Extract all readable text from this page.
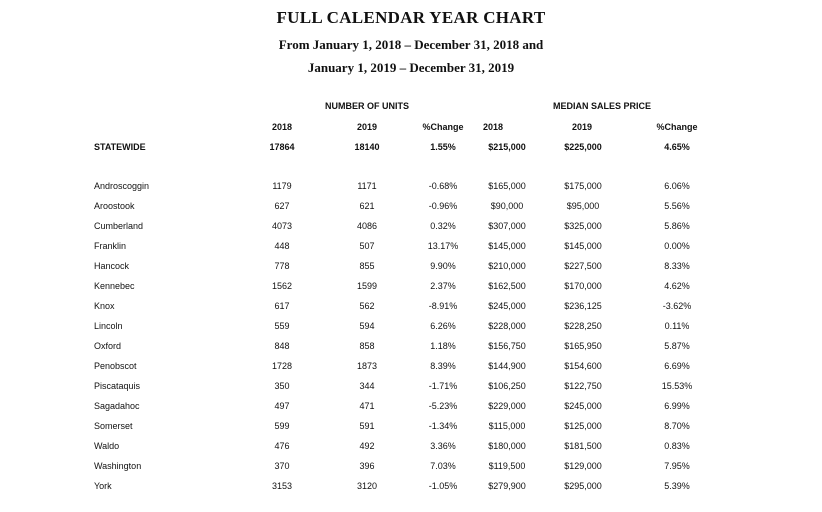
FULL CALENDAR YEAR CHART
From January 1, 2018 – December 31, 2018 and
January 1, 2019 – December 31, 2019
NUMBER OF UNITS	MEDIAN SALES PRICE
2018	2019	%Change 2018	2019	%Change
STATEWIDE	17864	18140	1.55%	$215,000	$225,000	4.65%
Androscoggin	1179	1171	-0.68%	$165,000	$175,000	6.06%
Aroostook	627	621	-0.96%	$90,000	$95,000	5.56%
Cumberland	4073	4086	0.32%	$307,000	$325,000	5.86%
Franklin	448	507	13.17%	$145,000	$145,000	0.00%
Hancock	778	855	9.90%	$210,000	$227,500	8.33%
Kennebec	1562	1599	2.37%	$162,500	$170,000	4.62%
Knox	617	562	-8.91%	$245,000	$236,125	-3.62%
Lincoln	559	594	6.26%	$228,000	$228,250	0.11%
Oxford	848	858	1.18%	$156,750	$165,950	5.87%
Penobscot	1728	1873	8.39%	$144,900	$154,600	6.69%
Piscataquis	350	344	-1.71%	$106,250	$122,750	15.53%
Sagadahoc	497	471	-5.23%	$229,000	$245,000	6.99%
Somerset	599	591	-1.34%	$115,000	$125,000	8.70%
Waldo	476	492	3.36%	$180,000	$181,500	0.83%
Washington	370	396	7.03%	$119,500	$129,000	7.95%
York	3153	3120	-1.05%	$279,900	$295,000	5.39%
